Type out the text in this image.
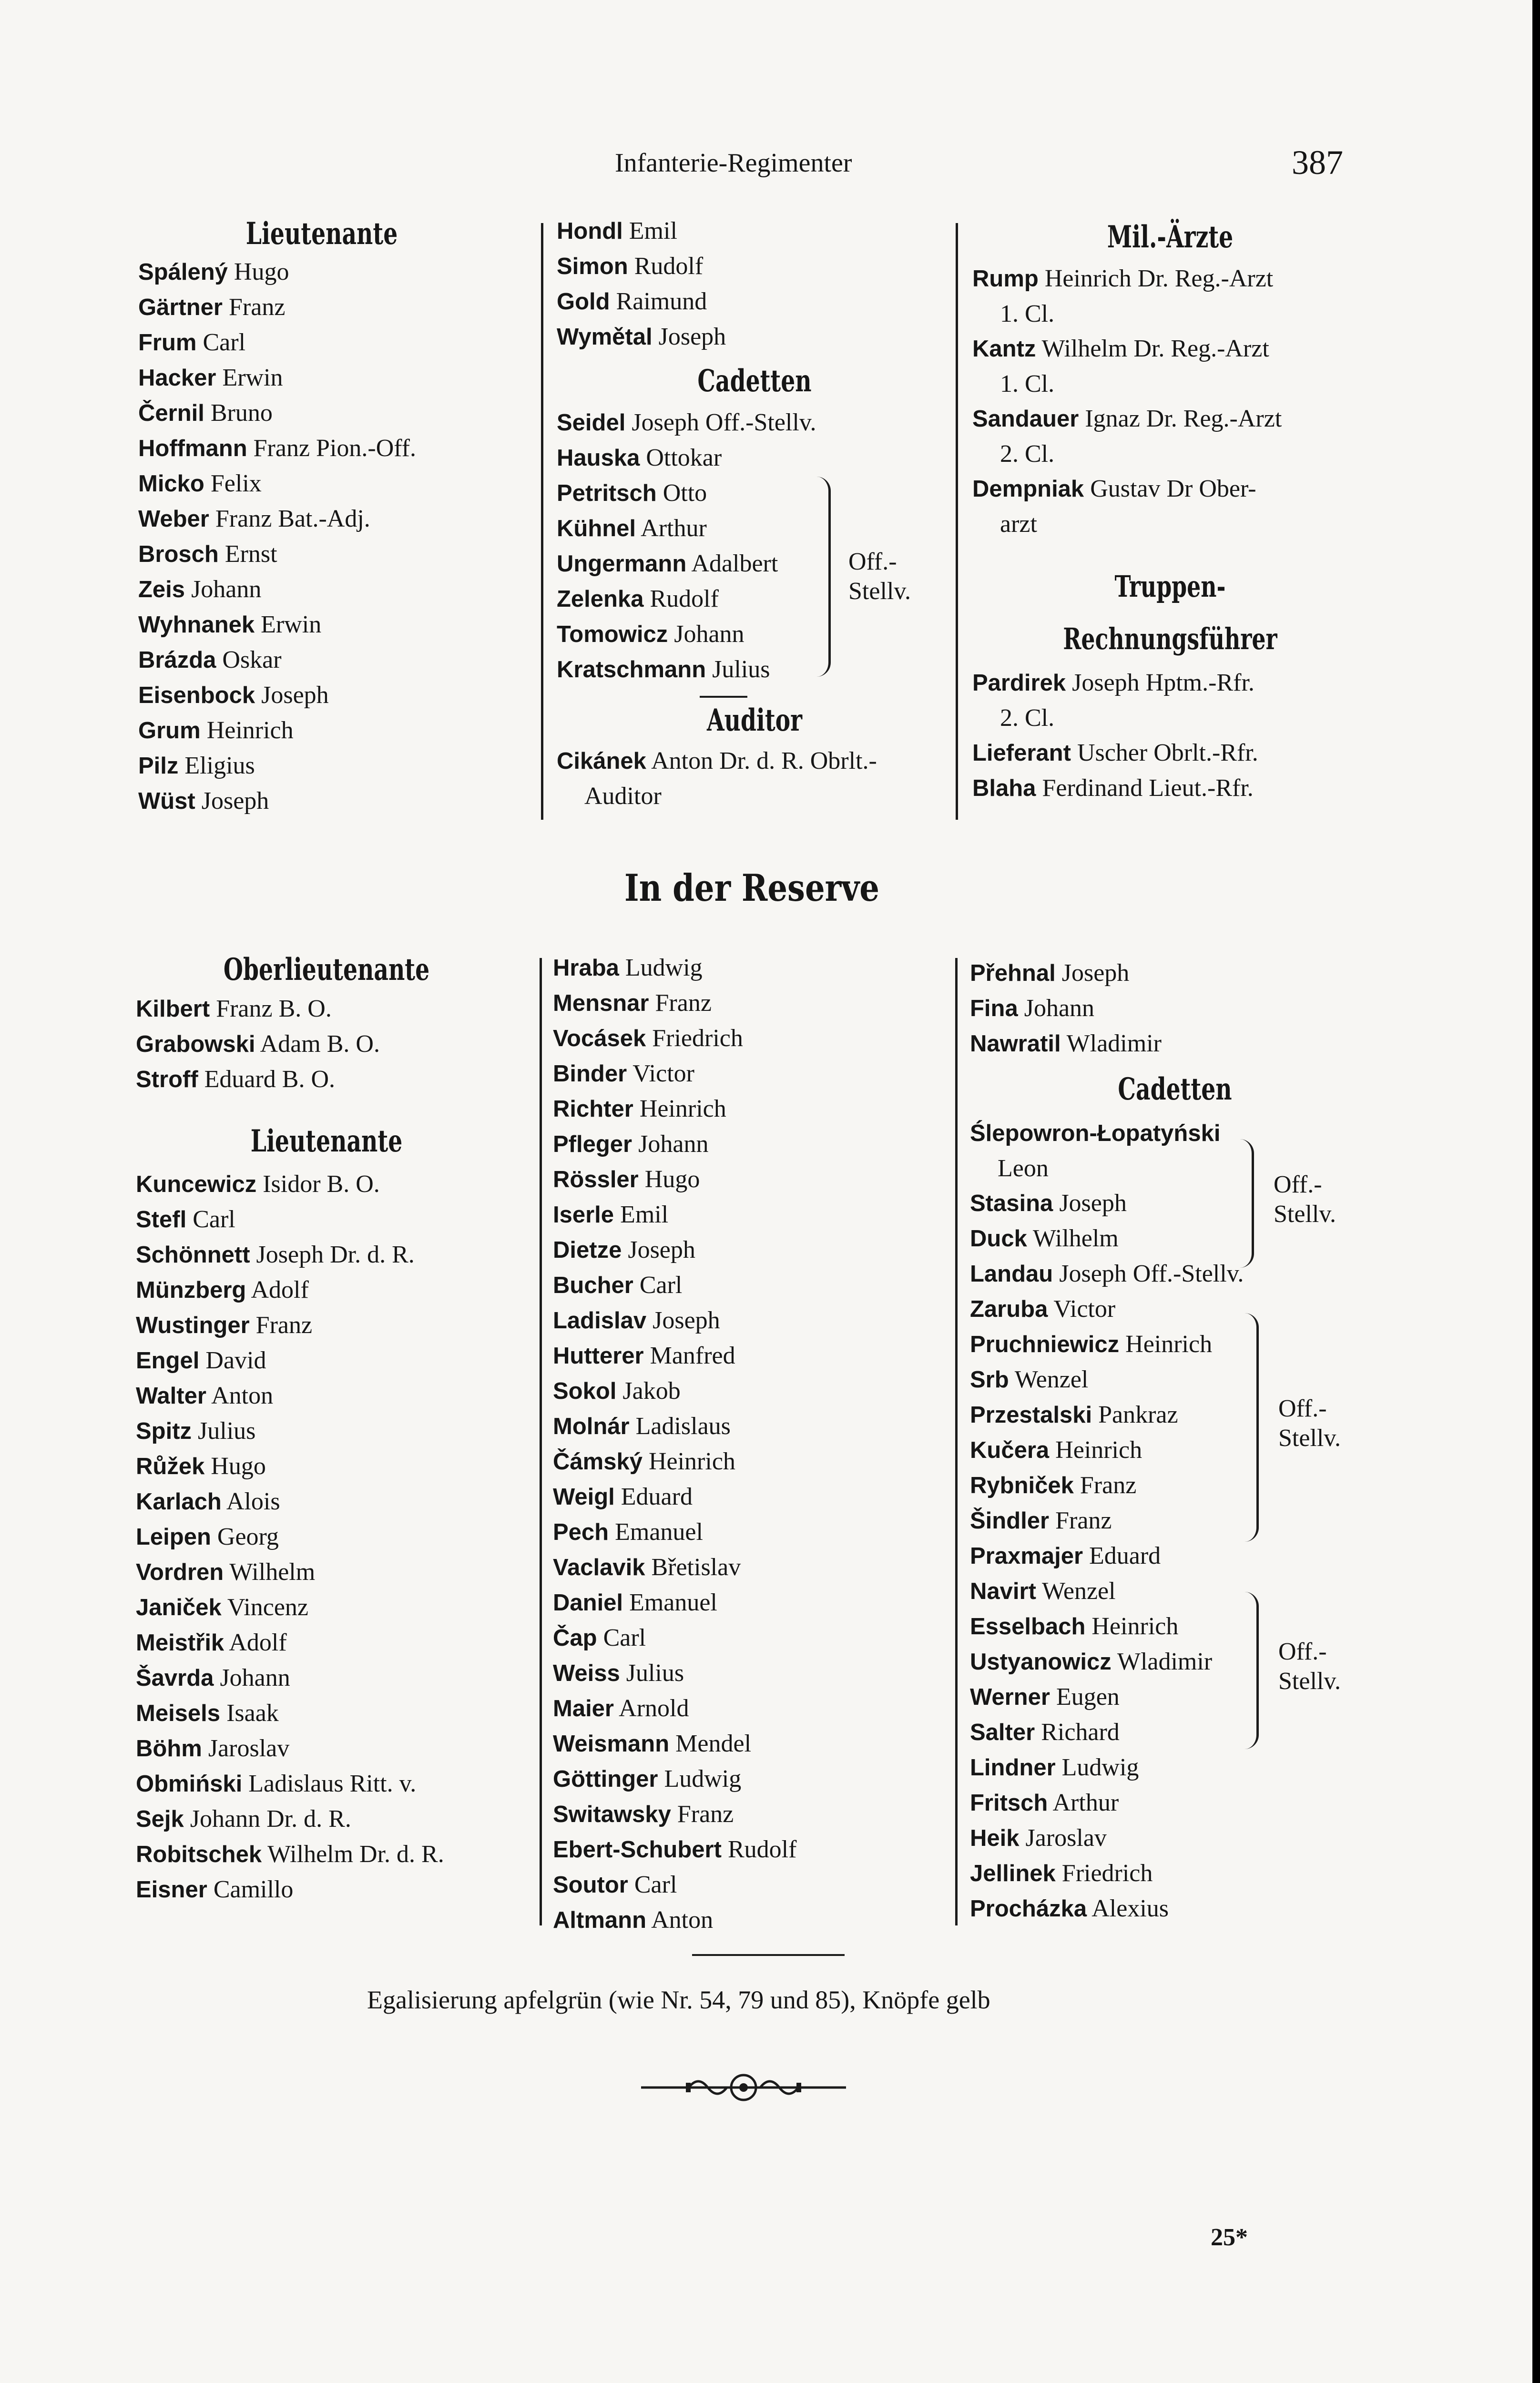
Infanterie-Regimenter	387
Lieutenante
Spálený Hugo
Gärtner Franz
Frum Carl
Hacker Erwin
Černil Bruno
Hoffmann Franz Pion.-Off.
Micko Felix
Weber Franz Bat.-Adj.
Brosch Ernst
Zeis Johann
Wyhnanek Erwin
Brázda Oskar
Eisenbock Joseph
Grum Heinrich
Pilz Eligius
Wüst Joseph
Hondl Emil
Simon Rudolf
Gold Raimund
Wymětal Joseph
Cadetten
Seidel Joseph Off.-Stellv.
Hauska Ottokar
Petritsch Otto
Kühnel Arthur
Ungermann Adalbert
Zelenka Rudolf
Tomowicz Johann
Kratschmann Julius
Auditor
Cikánek Anton Dr. d. R. Obrlt.-
Auditor
Off.-
Stellv.
Mil.-Ärzte
Rump Heinrich Dr. Reg.-Arzt
1. Cl.
Kantz Wilhelm Dr. Reg.-Arzt
1. Cl.
Sandauer Ignaz Dr. Reg.-Arzt
2. Cl.
Dempniak Gustav Dr Ober-
arzt
Truppen-Rechnungsführer
Pardirek Joseph Hptm.-Rfr.
2. Cl.
Lieferant Uscher Obrlt.-Rfr.
Blaha Ferdinand Lieut.-Rfr.
In der Reserve
Oberlieutenante
Kilbert Franz B. O.
Grabowski Adam B. O.
Stroff Eduard B. O.
Lieutenante
Kuncewicz Isidor B. O.
Stefl Carl
Schönnett Joseph Dr. d. R.
Münzberg Adolf
Wustinger Franz
Engel David
Walter Anton
Spitz Julius
Růžek Hugo
Karlach Alois
Leipen Georg
Vordren Wilhelm
Janiček Vincenz
Meistřik Adolf
Šavrda Johann
Meisels Isaak
Böhm Jaroslav
Obmiński Ladislaus Ritt. v.
Sejk Johann Dr. d. R.
Robitschek Wilhelm Dr. d. R.
Eisner Camillo
Hraba Ludwig
Mensnar Franz
Vocásek Friedrich
Binder Victor
Richter Heinrich
Pfleger Johann
Rössler Hugo
Iserle Emil
Dietze Joseph
Bucher Carl
Ladislav Joseph
Hutterer Manfred
Sokol Jakob
Molnár Ladislaus
Čámský Heinrich
Weigl Eduard
Pech Emanuel
Vaclavik Břetislav
Daniel Emanuel
Čap Carl
Weiss Julius
Maier Arnold
Weismann Mendel
Göttinger Ludwig
Switawsky Franz
Ebert-Schubert Rudolf
Soutor Carl
Altmann Anton
Přehnal Joseph
Fina Johann
Nawratil Wladimir
Cadetten
Ślepowron-Łopatyński
Leon
Stasina Joseph
Duck Wilhelm
Landau Joseph Off.-Stellv.
Zaruba Victor
Pruchniewicz Heinrich
Srb Wenzel
Przestalski Pankraz
Kučera Heinrich
Rybniček Franz
Šindler Franz
Praxmajer Eduard
Navirt Wenzel
Esselbach Heinrich
Ustyanowicz Wladimir
Werner Eugen
Salter Richard
Lindner Ludwig
Fritsch Arthur
Heik Jaroslav
Jellinek Friedrich
Procházka Alexius
Off.-
Stellv.
Off.-
Stellv.
Off.-
Stellv.
Egalisierung apfelgrün (wie Nr. 54, 79 und 85), Knöpfe gelb
25*
